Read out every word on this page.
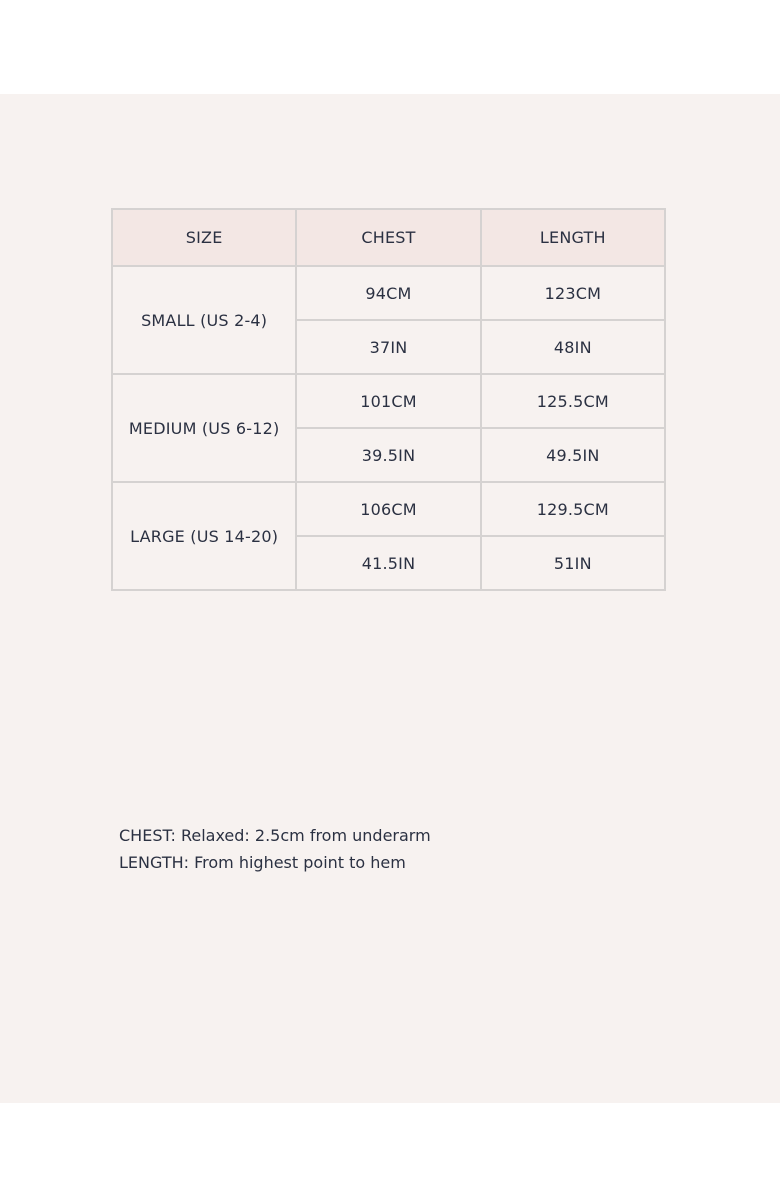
SIZE	CHEST	LENGTH
SMALL (US 2-4)	94CM	123CM
	37IN	48IN
MEDIUM (US 6-12)	101CM	125.5CM
	39.5IN	49.5IN
LARGE (US 14-20)	106CM	129.5CM
	41.5IN	51IN
CHEST: Relaxed: 2.5cm from underarm
LENGTH: From highest point to hem
